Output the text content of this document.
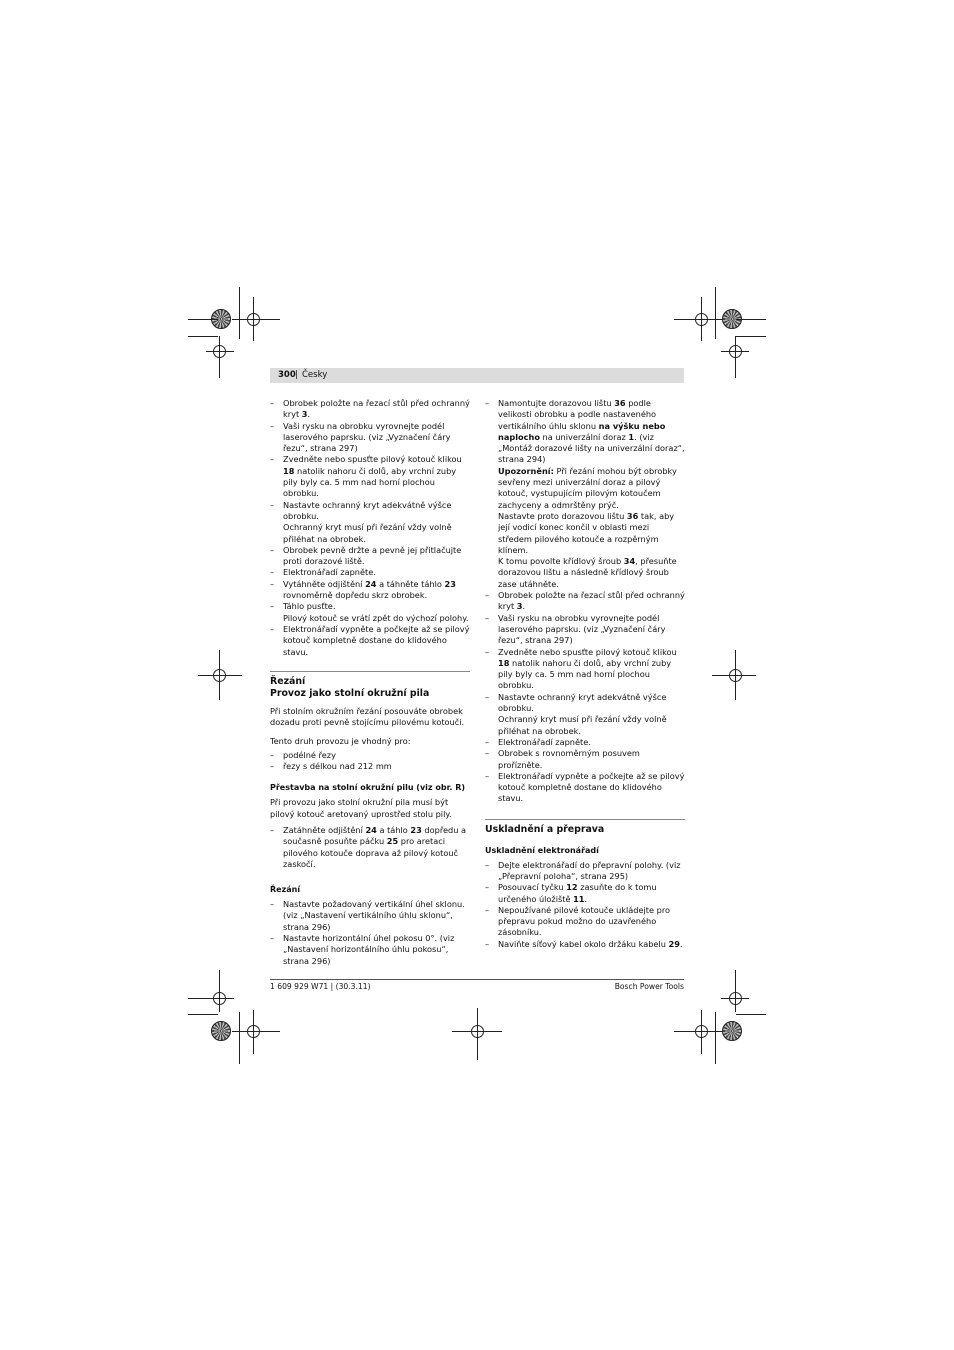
300 | Česky
– Obrobek položte na řezací stůl před ochranný kryt 3.
– Vaši rysku na obrobku vyrovnejte podél laserového paprsku. (viz „Vyznačení čáry řezu“, strana 297)
– Zvedněte nebo spusťte pilový kotouč klikou 18 natolik nahoru či dolů, aby vrchní zuby pily byly ca. 5 mm nad horní plochou obrobku.
– Nastavte ochranný kryt adekvátně výšce obrobku.
Ochranný kryt musí při řezání vždy volně přiléhat na obrobek.
– Obrobek pevně držte a pevně jej přitlačujte proti dorazové liště.
– Elektronářadí zapněte.
– Vytáhněte odjištění 24 a táhněte táhlo 23 rovnoměrně dopředu skrz obrobek.
– Táhlo pusťte.
Pilový kotouč se vrátí zpět do výchozí polohy.
– Elektronářadí vypněte a počkejte až se pilový kotouč kompletně dostane do klidového stavu.
Řezání
Provoz jako stolní okružní pila

Při stolním okružním řezání posouváte obrobek dozadu proti pevně stojícímu pilovému kotouči.

Tento druh provozu je vhodný pro:

– podélné řezy
– řezy s délkou nad 212 mm
Přestavba na stolní okružní pilu (viz obr. R)

Při provozu jako stolní okružní pila musí být pilový kotouč aretovaný uprostřed stolu pily.

– Zatáhněte odjištění 24 a táhlo 23 dopředu a současně posuňte páčku 25 pro aretaci pilového kotouče doprava až pilový kotouč zaskočí.
Řezání
– Nastavte požadovaný vertikální úhel sklonu. (viz „Nastavení vertikálního úhlu sklonu“, strana 296)
– Nastavte horizontální úhel pokosu 0°. (viz „Nastavení horizontálního úhlu pokosu“, strana 296)
– Namontujte dorazovou lištu 36 podle velikosti obrobku a podle nastaveného vertikálního úhlu sklonu na výšku nebo naplocho na univerzální doraz 1. (viz „Montáž dorazové lišty na univerzální doraz“, strana 294)
Upozornění: Při řezání mohou být obrobky sevřeny mezi univerzální doraz a pilový kotouč, vystupujícím pilovým kotoučem zachyceny a odmrštěny prýč.
Nastavte proto dorazovou lištu 36 tak, aby její vodicí konec končil v oblasti mezi středem pilového kotouče a rozpěrným klínem.
K tomu povolte křídlový šroub 34, přesuňte dorazovou lištu a následně křídlový šroub zase utáhněte.
– Obrobek položte na řezací stůl před ochranný kryt 3.
– Vaši rysku na obrobku vyrovnejte podél laserového paprsku. (viz „Vyznačení čáry řezu“, strana 297)
– Zvedněte nebo spusťte pilový kotouč klikou 18 natolik nahoru či dolů, aby vrchní zuby pily byly ca. 5 mm nad horní plochou obrobku.
– Nastavte ochranný kryt adekvátně výšce obrobku.
Ochranný kryt musí při řezání vždy volně přiléhat na obrobek.
– Elektronářadí zapněte.
– Obrobek s rovnoměrným posuvem prořízněte.
– Elektronářadí vypněte a počkejte až se pilový kotouč kompletně dostane do klidového stavu.
Uskladnění a přeprava
Uskladnění elektronářadí
– Dejte elektronářadí do přepravní polohy. (viz „Přepravní poloha“, strana 295)
– Posouvací tyčku 12 zasuňte do k tomu určeného úložiště 11.
– Nepoužívané pilové kotouče ukládejte pro přepravu pokud možno do uzavřeného zásobníku.
– Naviňte síťový kabel okolo držáku kabelu 29.
1 609 929 W71 | (30.3.11)	Bosch Power Tools
